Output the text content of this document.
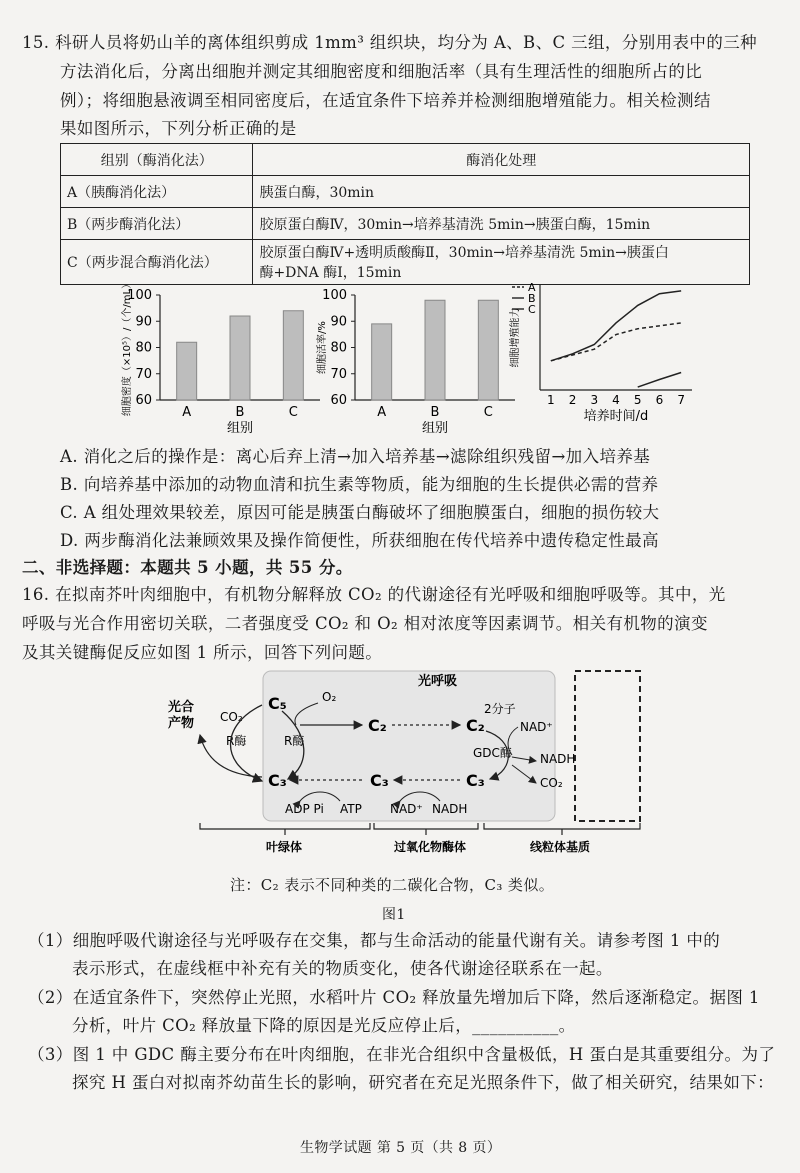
15. 科研人员将奶山羊的离体组织剪成 1mm³ 组织块，均分为 A、B、C 三组，分别用表中的三种
方法消化后，分离出细胞并测定其细胞密度和细胞活率（具有生理活性的细胞所占的比
例）；将细胞悬液调至相同密度后，在适宜条件下培养并检测细胞增殖能力。相关检测结
果如图所示，下列分析正确的是
组别（酶消化法）	酶消化处理
A（胰酶消化法）	胰蛋白酶，30min
B（两步酶消化法）	胶原蛋白酶Ⅳ，30min→培养基清洗 5min→胰蛋白酶，15min
C（两步混合酶消化法）	胶原蛋白酶Ⅳ+透明质酸酶Ⅱ，30min→培养基清洗 5min→胰蛋白
酶+DNA 酶Ⅰ，15min
60
70
80
90
100
A	B	C
组别
细胞密度（×10⁵）/（个/mL）	60
70
80
90
100
A	B	C
组别
细胞活率/%
1 2 3 4 5 6 7
培养时间/d
细胞增殖能力
A
B
C
A. 消化之后的操作是：离心后弃上清→加入培养基→滤除组织残留→加入培养基
B. 向培养基中添加的动物血清和抗生素等物质，能为细胞的生长提供必需的营养
C. A 组处理效果较差，原因可能是胰蛋白酶破坏了细胞膜蛋白，细胞的损伤较大
D. 两步酶消化法兼顾效果及操作简便性，所获细胞在传代培养中遗传稳定性最高
二、非选择题：本题共 5 小题，共 55 分。
16. 在拟南芥叶肉细胞中，有机物分解释放 CO₂ 的代谢途径有光呼吸和细胞呼吸等。其中，光
呼吸与光合作用密切关联，二者强度受 CO₂ 和 O₂ 相对浓度等因素调节。相关有机物的演变
及其关键酶促反应如图 1 所示，回答下列问题。
光呼吸
光合
产物
C₅	O₂
CO₂
R酶	R酶
C₃
C₂	C₂
2分子
C₃	C₃
NAD⁺
GDC酶 NADH
CO₂
ADP Pi ATP NAD⁺ NADH
叶绿体	过氧化物酶体	线粒体基质
注：C₂ 表示不同种类的二碳化合物，C₃ 类似。
图1
（1）细胞呼吸代谢途径与光呼吸存在交集，都与生命活动的能量代谢有关。请参考图 1 中的
表示形式，在虚线框中补充有关的物质变化，使各代谢途径联系在一起。
（2）在适宜条件下，突然停止光照，水稻叶片 CO₂ 释放量先增加后下降，然后逐渐稳定。据图 1
分析，叶片 CO₂ 释放量下降的原因是光反应停止后，__________。
（3）图 1 中 GDC 酶主要分布在叶肉细胞，在非光合组织中含量极低，H 蛋白是其重要组分。为了
探究 H 蛋白对拟南芥幼苗生长的影响，研究者在充足光照条件下，做了相关研究，结果如下：
生物学试题 第 5 页（共 8 页）
